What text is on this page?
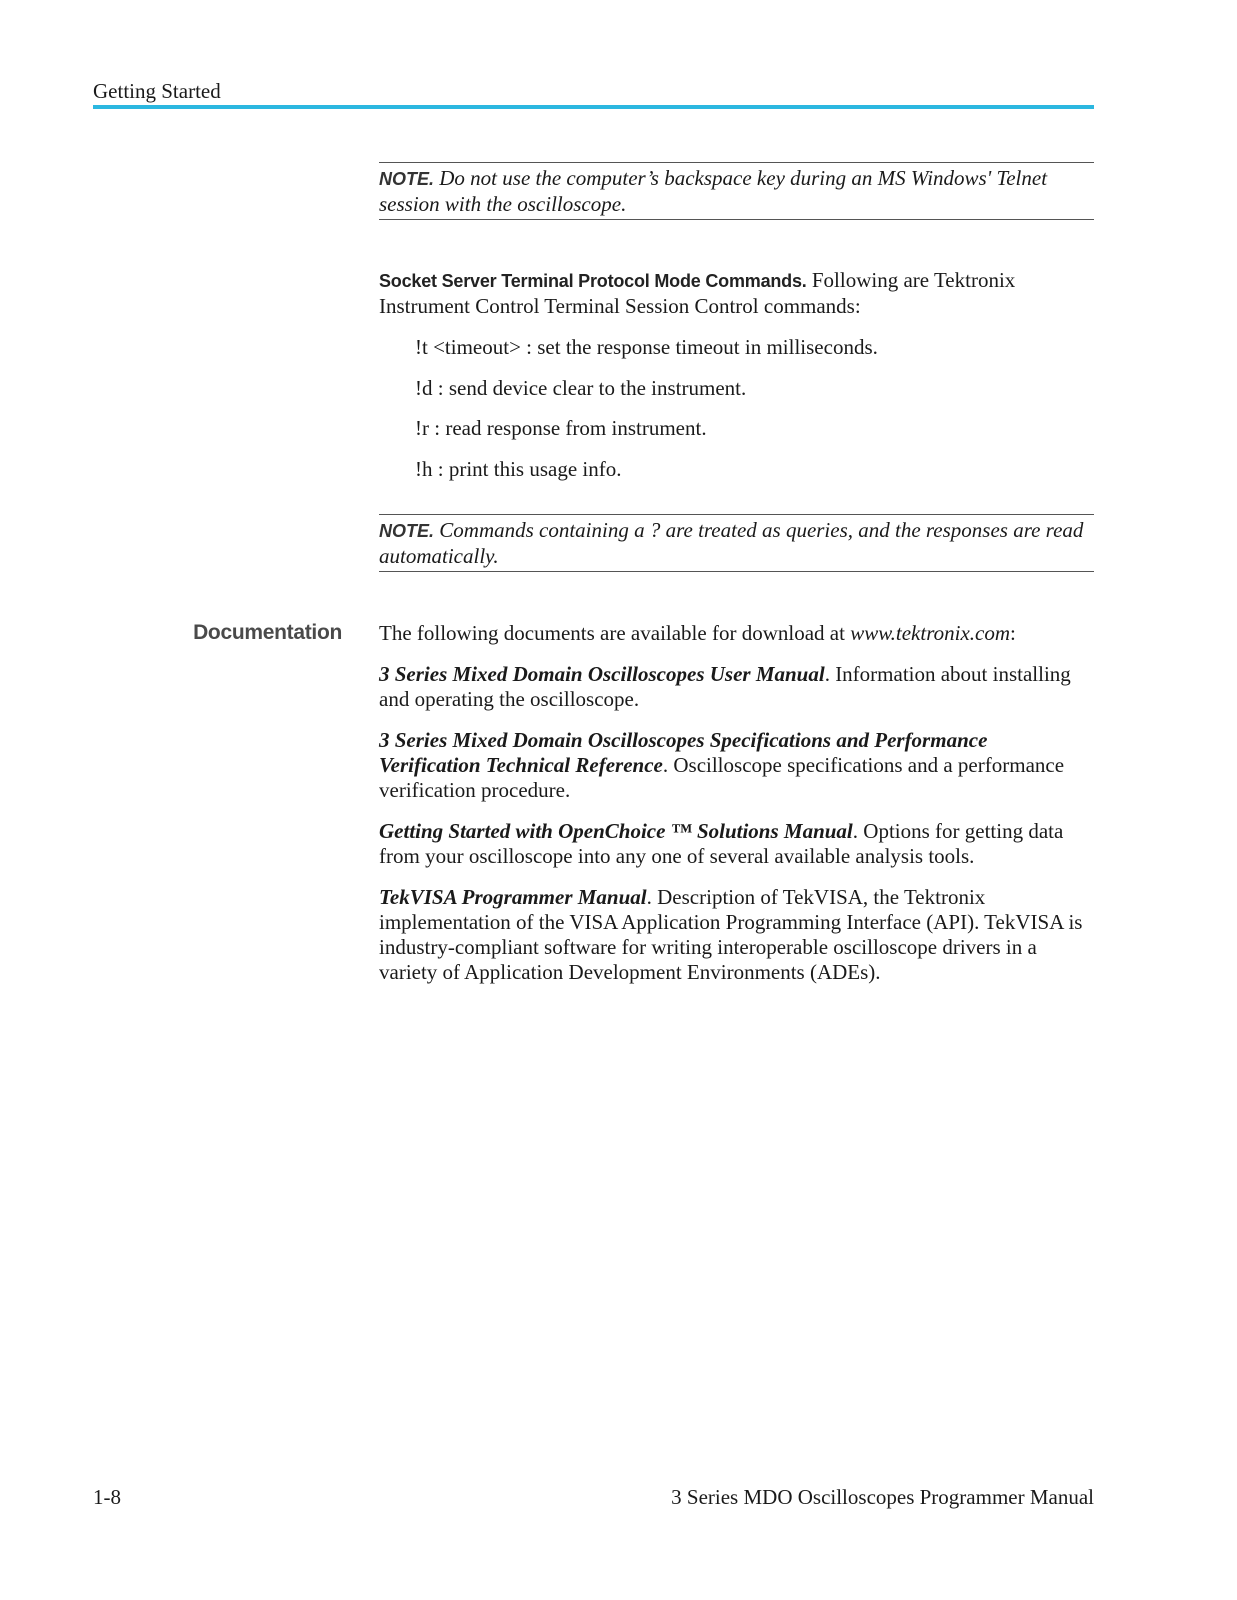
Getting Started
NOTE. Do not use the computer’s backspace key during an MS Windows' Telnet session with the oscilloscope.
Socket Server Terminal Protocol Mode Commands. Following are Tektronix Instrument Control Terminal Session Control commands:
!t <timeout> : set the response timeout in milliseconds.
!d : send device clear to the instrument.
!r : read response from instrument.
!h : print this usage info.
NOTE. Commands containing a ? are treated as queries, and the responses are read automatically.
Documentation The following documents are available for download at www.tektronix.com:
3 Series Mixed Domain Oscilloscopes User Manual. Information about installing and operating the oscilloscope.
3 Series Mixed Domain Oscilloscopes Specifications and Performance Verification Technical Reference. Oscilloscope specifications and a performance verification procedure.
Getting Started with OpenChoice ™ Solutions Manual. Options for getting data from your oscilloscope into any one of several available analysis tools.
TekVISA Programmer Manual. Description of TekVISA, the Tektronix implementation of the VISA Application Programming Interface (API). TekVISA is industry-compliant software for writing interoperable oscilloscope drivers in a variety of Application Development Environments (ADEs).
1-8	3 Series MDO Oscilloscopes Programmer Manual
